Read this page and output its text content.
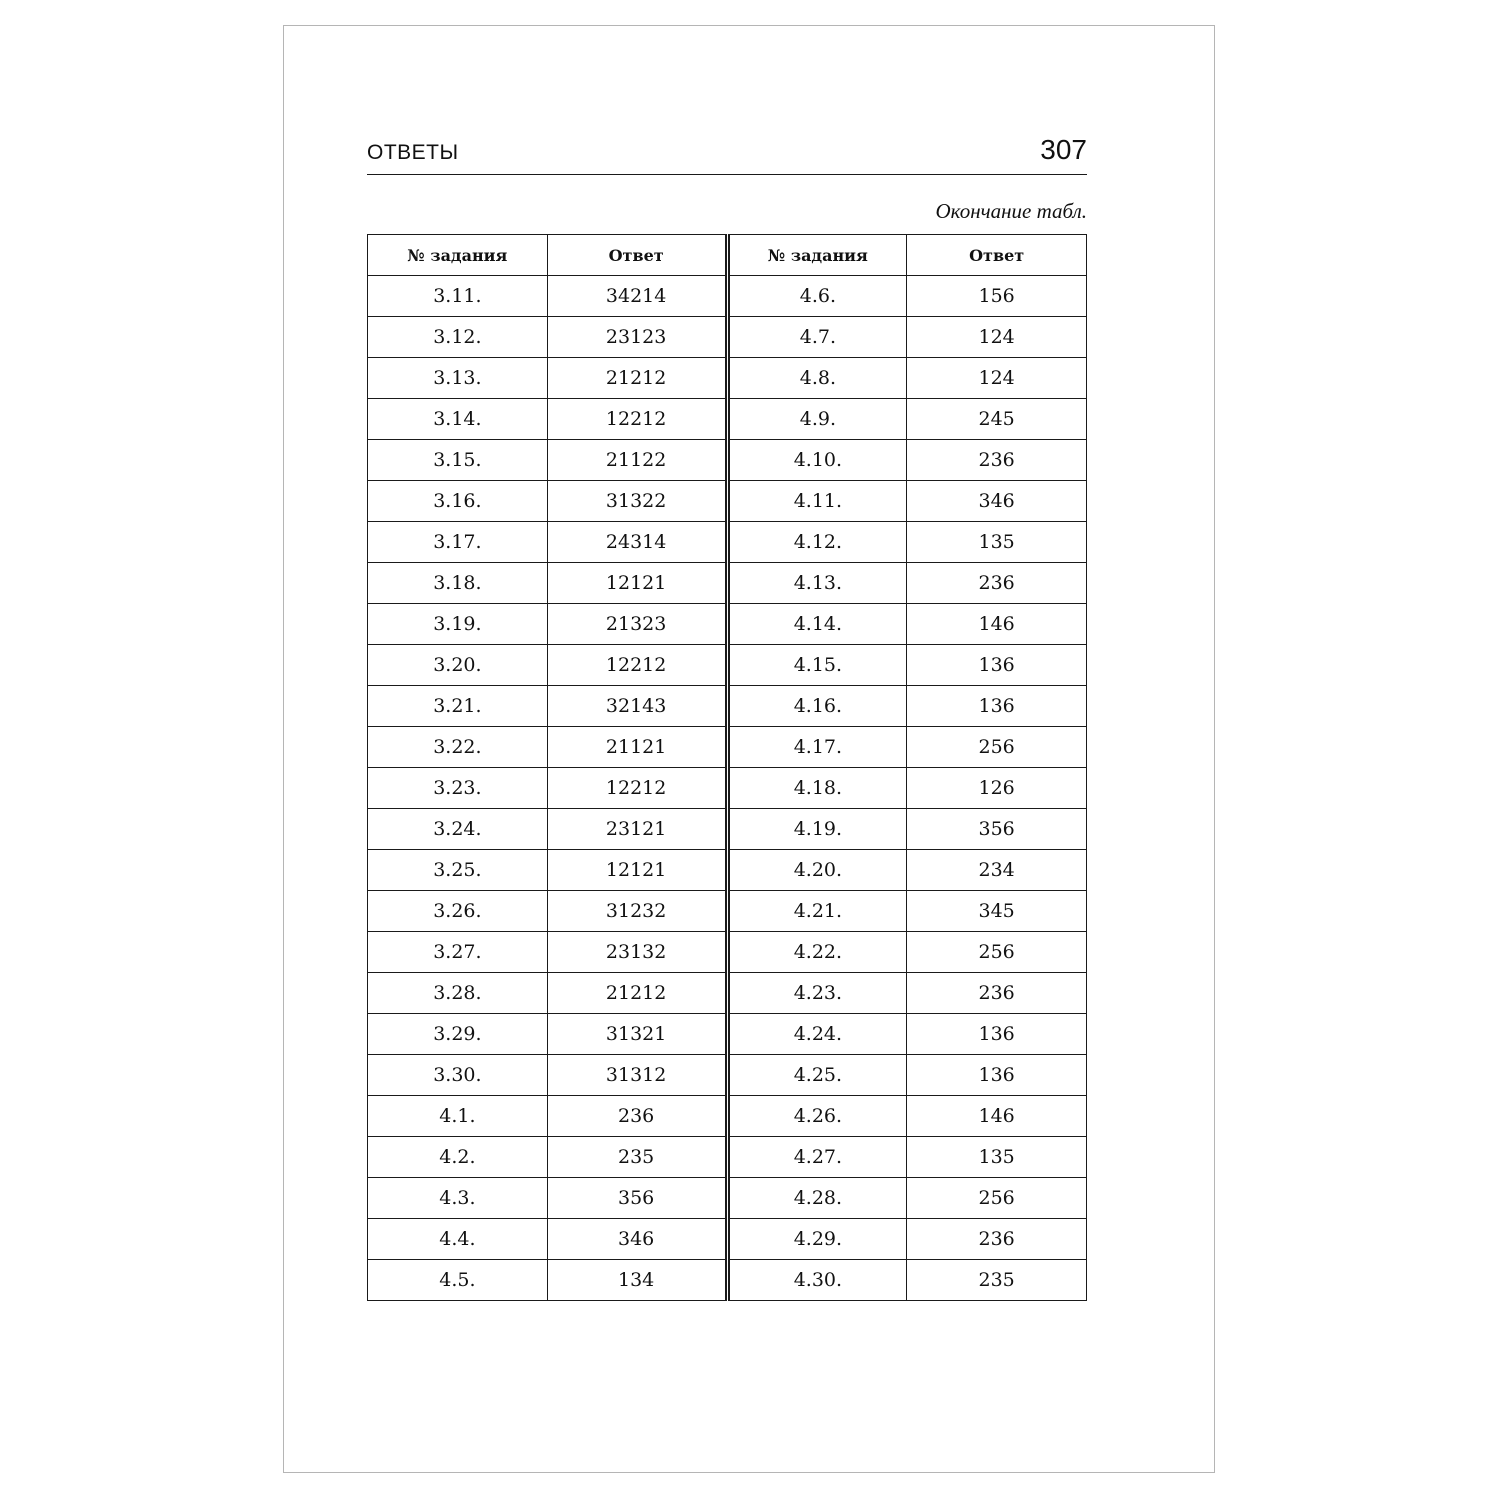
ОТВЕТЫ	307
Окончание табл.
№ задания	Ответ	№ задания	Ответ
3.11.	34214	4.6.	156
3.12.	23123	4.7.	124
3.13.	21212	4.8.	124
3.14.	12212	4.9.	245
3.15.	21122	4.10.	236
3.16.	31322	4.11.	346
3.17.	24314	4.12.	135
3.18.	12121	4.13.	236
3.19.	21323	4.14.	146
3.20.	12212	4.15.	136
3.21.	32143	4.16.	136
3.22.	21121	4.17.	256
3.23.	12212	4.18.	126
3.24.	23121	4.19.	356
3.25.	12121	4.20.	234
3.26.	31232	4.21.	345
3.27.	23132	4.22.	256
3.28.	21212	4.23.	236
3.29.	31321	4.24.	136
3.30.	31312	4.25.	136
4.1.	236	4.26.	146
4.2.	235	4.27.	135
4.3.	356	4.28.	256
4.4.	346	4.29.	236
4.5.	134	4.30.	235
